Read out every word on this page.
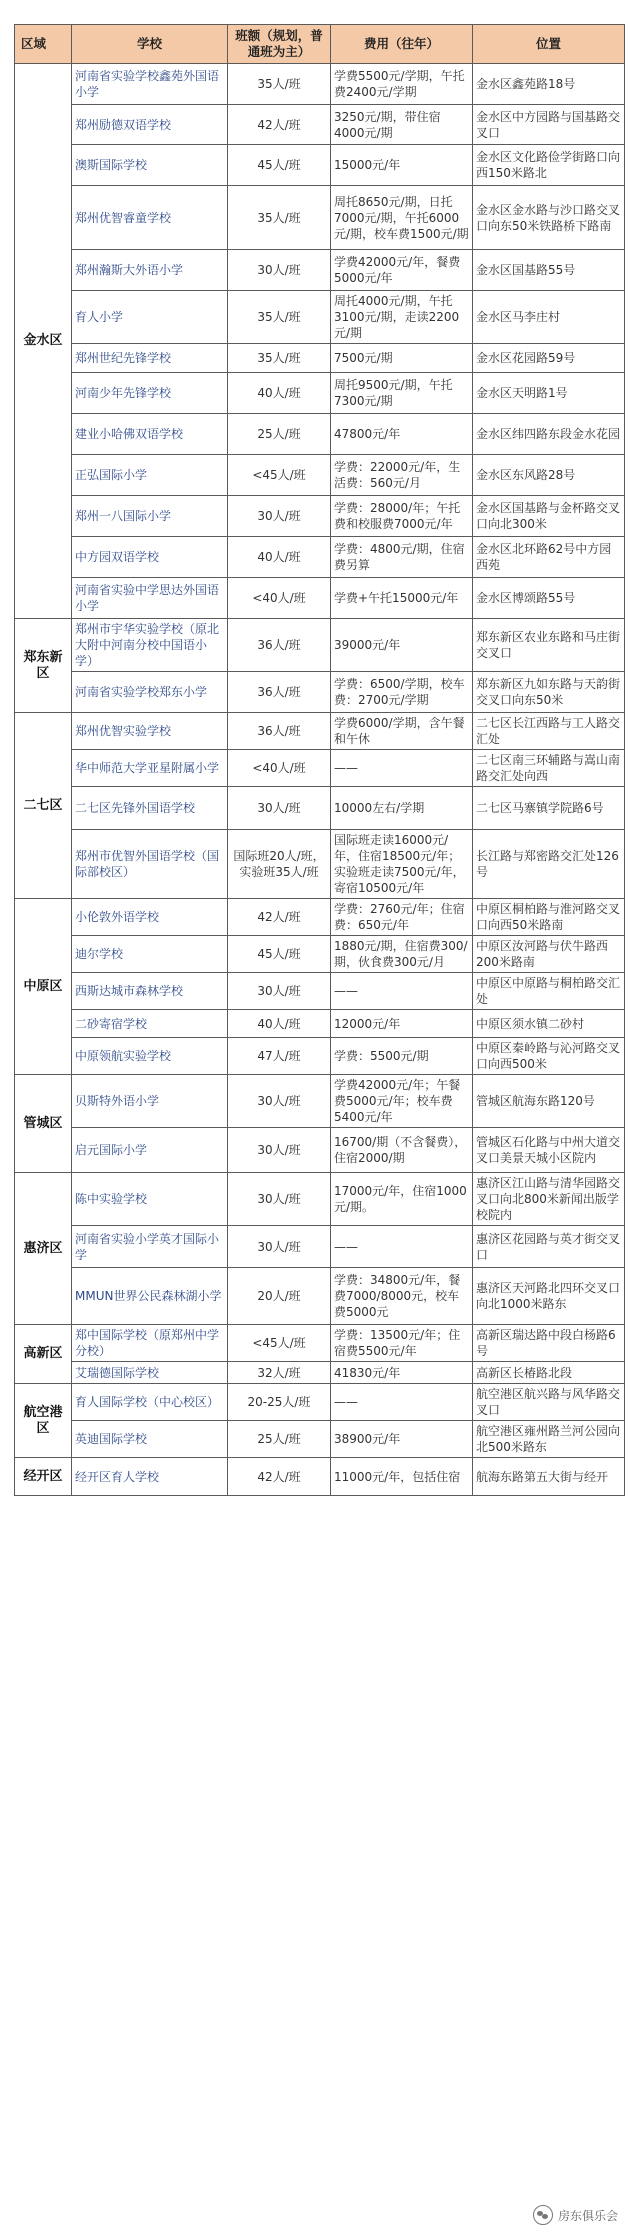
区域	学校	班额（规划，普通班为主）	费用（往年）	位置
金水区	河南省实验学校鑫苑外国语小学	35人/班	学费5500元/学期，午托费2400元/学期	金水区鑫苑路18号
	郑州励德双语学校	42人/班	3250元/期，带住宿4000元/期	金水区中方园路与国基路交叉口
	澳斯国际学校	45人/班	15000元/年	金水区文化路俭学街路口向西150米路北
	郑州优智睿童学校	35人/班	周托8650元/期，日托7000元/期，午托6000元/期，校车费1500元/期	金水区金水路与沙口路交叉口向东50米铁路桥下路南
	郑州瀚斯大外语小学	30人/班	学费42000元/年，餐费5000元/年	金水区国基路55号
	育人小学	35人/班	周托4000元/期，午托3100元/期，走读2200元/期	金水区马李庄村
	郑州世纪先锋学校	35人/班	7500元/期	金水区花园路59号
	河南少年先锋学校	40人/班	周托9500元/期，午托7300元/期	金水区天明路1号
	建业小哈佛双语学校	25人/班	47800元/年	金水区纬四路东段金水花园
	正弘国际小学	<45人/班	学费：22000元/年，生活费：560元/月	金水区东风路28号
	郑州一八国际小学	30人/班	学费：28000/年；午托费和校服费7000元/年	金水区国基路与金杯路交叉口向北300米
	中方园双语学校	40人/班	学费：4800元/期，住宿费另算	金水区北环路62号中方园西苑
	河南省实验中学思达外国语小学	<40人/班	学费+午托15000元/年	金水区博颂路55号
郑东新区	郑州市宇华实验学校（原北大附中河南分校中国语小学）	36人/班	39000元/年	郑东新区农业东路和马庄街交叉口
	河南省实验学校郑东小学	36人/班	学费：6500/学期，校车费：2700元/学期	郑东新区九如东路与天韵街交叉口向东50米
二七区	郑州优智实验学校	36人/班	学费6000/学期，含午餐和午休	二七区长江西路与工人路交汇处
	华中师范大学亚星附属小学	<40人/班	——	二七区南三环辅路与嵩山南路交汇处向西
	二七区先锋外国语学校	30人/班	10000左右/学期	二七区马寨镇学院路6号
	郑州市优智外国语学校（国际部校区）	国际班20人/班，实验班35人/班	国际班走读16000元/年，住宿18500元/年；实验班走读7500元/年，寄宿10500元/年	长江路与郑密路交汇处126号
中原区	小伦敦外语学校	42人/班	学费：2760元/年；住宿费：650元/年	中原区桐柏路与淮河路交叉口向西50米路南
	迪尔学校	45人/班	1880元/期，住宿费300/期，伙食费300元/月	中原区汝河路与伏牛路西200米路南
	西斯达城市森林学校	30人/班	——	中原区中原路与桐柏路交汇处
	二砂寄宿学校	40人/班	12000元/年	中原区须水镇二砂村
	中原领航实验学校	47人/班	学费：5500元/期	中原区秦岭路与沁河路交叉口向西500米
管城区	贝斯特外语小学	30人/班	学费42000元/年；午餐费5000元/年；校车费5400元/年	管城区航海东路120号
	启元国际小学	30人/班	16700/期（不含餐费），住宿2000/期	管城区石化路与中州大道交叉口美景天城小区院内
惠济区	陈中实验学校	30人/班	17000元/年，住宿1000元/期。	惠济区江山路与清华园路交叉口向北800米新闻出版学校院内
	河南省实验小学英才国际小学	30人/班	——	惠济区花园路与英才街交叉口
	MMUN世界公民森林湖小学	20人/班	学费：34800元/年，餐费7000/8000元，校车费5000元	惠济区天河路北四环交叉口向北1000米路东
高新区	郑中国际学校（原郑州中学分校）	<45人/班	学费：13500元/年；住宿费5500元/年	高新区瑞达路中段白杨路6号
	艾瑞德国际学校	32人/班	41830元/年	高新区长椿路北段
航空港区	育人国际学校（中心校区）	20-25人/班	——	航空港区航兴路与风华路交叉口
	英迪国际学校	25人/班	38900元/年	航空港区雍州路兰河公园向北500米路东
经开区	经开区育人学校	42人/班	11000元/年，包括住宿	航海东路第五大街与经开
房东俱乐会
